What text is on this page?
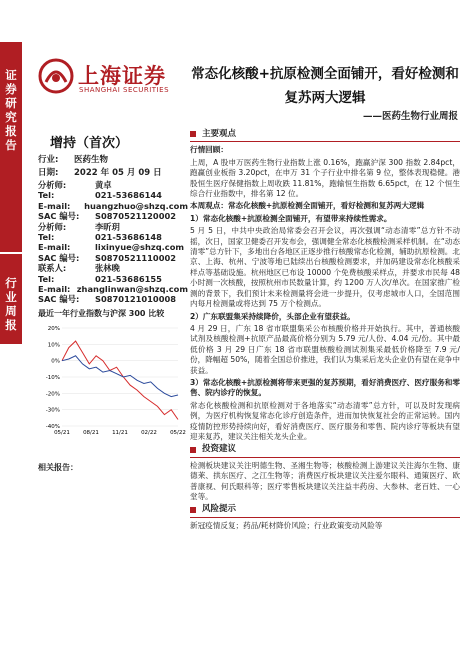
证券研究报告
行业周报
上海证券
SHANGHAI SECURITIES
常态化核酸+抗原检测全面铺开，看好检测和复苏两大逻辑
——医药生物行业周报
增持（首次）
行业:	医药生物
日期:	2022 年 05 月 09 日
分析师:	黄卓
Tel:	021-53686144
E-mail:	huangzhuo@shzq.com
SAC 编号:	S0870521120002
分析师:	李昕玥
Tel:	021-53686148
E-mail:	lixinyue@shzq.com
SAC 编号:	S0870521110002
联系人:	张林晚
Tel:	021-53686155
E-mail: zhanglinwan@shzq.com
SAC 编号:	S0870121010008
最近一年行业指数与沪深 300 比较
20%
10%
0%
-10%
-20%
-30%
-40%
05/21 08/21 11/21 02/22 05/22
相关报告：
主要观点

行情回顾：

上周，A 股申万医药生物行业指数上涨 0.16%，跑赢沪深 300 指数 2.84pct，跑赢创业板指 3.20pct，在申万 31 个子行业中排名第 9 位，整体表现稳健。港股恒生医疗保健指数上周收跌 11.81%，跑输恒生指数 6.65pct，在 12 个恒生综合行业指数中，排名第 12 位。

本周观点：常态化核酸+抗原检测全面铺开，看好检测和复苏两大逻辑

1）常态化核酸+抗原检测全面铺开，有望带来持续性需求。

5 月 5 日，中共中央政治局常委会召开会议，再次强调“动态清零”总方针不动摇，次日，国家卫健委召开发布会，强调健全常态化核酸检测采样机制。在“动态清零”总方针下，多地出台各地区正逐步推行核酸常态化检测，辅助抗原检测。北京、上海、杭州、宁波等地已陆续出台核酸检测要求，并加码建设常态化核酸采样点等基础设施。杭州地区已布设 10000 个免费核酸采样点，并要求市民每 48 小时测一次核酸，按照杭州市民数量计算，约 1200 万人次/单次。在国家推广检测的背景下，我们预计未来检测量将会进一步提升，仅考虑城市人口，全国范围内每月检测量或将达到 75 万个检测点。

2）广东联盟集采持续降价，头部企业有望获益。

4 月 29 日，广东 18 省市联盟集采公布核酸价格并开始执行。其中，普通核酸试剂及核酸检测+抗原产品最高价格分别为 5.79 元/人份、4.04 元/份。其中最低价格 3 月 29 日广东 18 省市联盟核酸检测试剂集采最低价格降至 7.9 元/份，降幅超 50%，随着全国总价推进，我们认为集采后龙头企业仍有望在竞争中获益。

3）常态化核酸+抗原检测将带来更强的复苏预期，看好消费医疗、医疗服务和零售、院内诊疗的恢复。

常态化核酸检测和抗原检测对于各地落实“动态清零”总方针，可以及时发现病例，为医疗机构恢复常态化诊疗创造条件，进而加快恢复社会的正常运转。国内疫情防控形势持续向好，看好消费医疗、医疗服务和零售、院内诊疗等板块有望迎来复苏，建议关注相关龙头企业。

投资建议

检测板块建议关注明德生物、圣湘生物等；核酸检测上游建议关注海尔生物、康德莱、拱东医疗、之江生物等；消费医疗板块建议关注爱尔眼科、通策医疗、欧普康视、何氏眼科等；医疗零售板块建议关注益丰药房、大参林、老百姓、一心堂等。

风险提示

新冠疫情反复；药品/耗材降价风险；行业政策变动风险等
